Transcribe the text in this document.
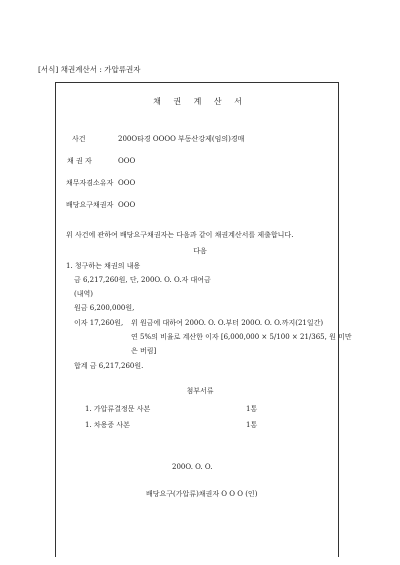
[서식] 채권계산서 : 가압류권자
채 권 계 산 서
사건	200O타경 OOOO 부동산강제(임의)경매
채 권 자	OOO
채무자겸소유자 OOO
배당요구채권자 OOO
위 사건에 관하여 배당요구채권자는 다음과 같이 채권계산서를 제출합니다.
다음
1. 청구하는 채권의 내용
금 6,217,260원, 단, 200O. O. O.자 대여금
(내역)
원금 6,200,000원,
이자 17,260원, 위 원금에 대하여 200O. O. O.부터 200O. O. O.까지(21일간)
연 5%의 비율로 계산한 이자 [6,000,000 × 5/100 × 21/365, 원 미만
은 버림]
합계 금 6,217,260원.
첨부서류
1. 가압류결정문 사본	1통
1. 차용증 사본	1통
200O. O. O.
배당요구(가압류)채권자 O O O (인)
